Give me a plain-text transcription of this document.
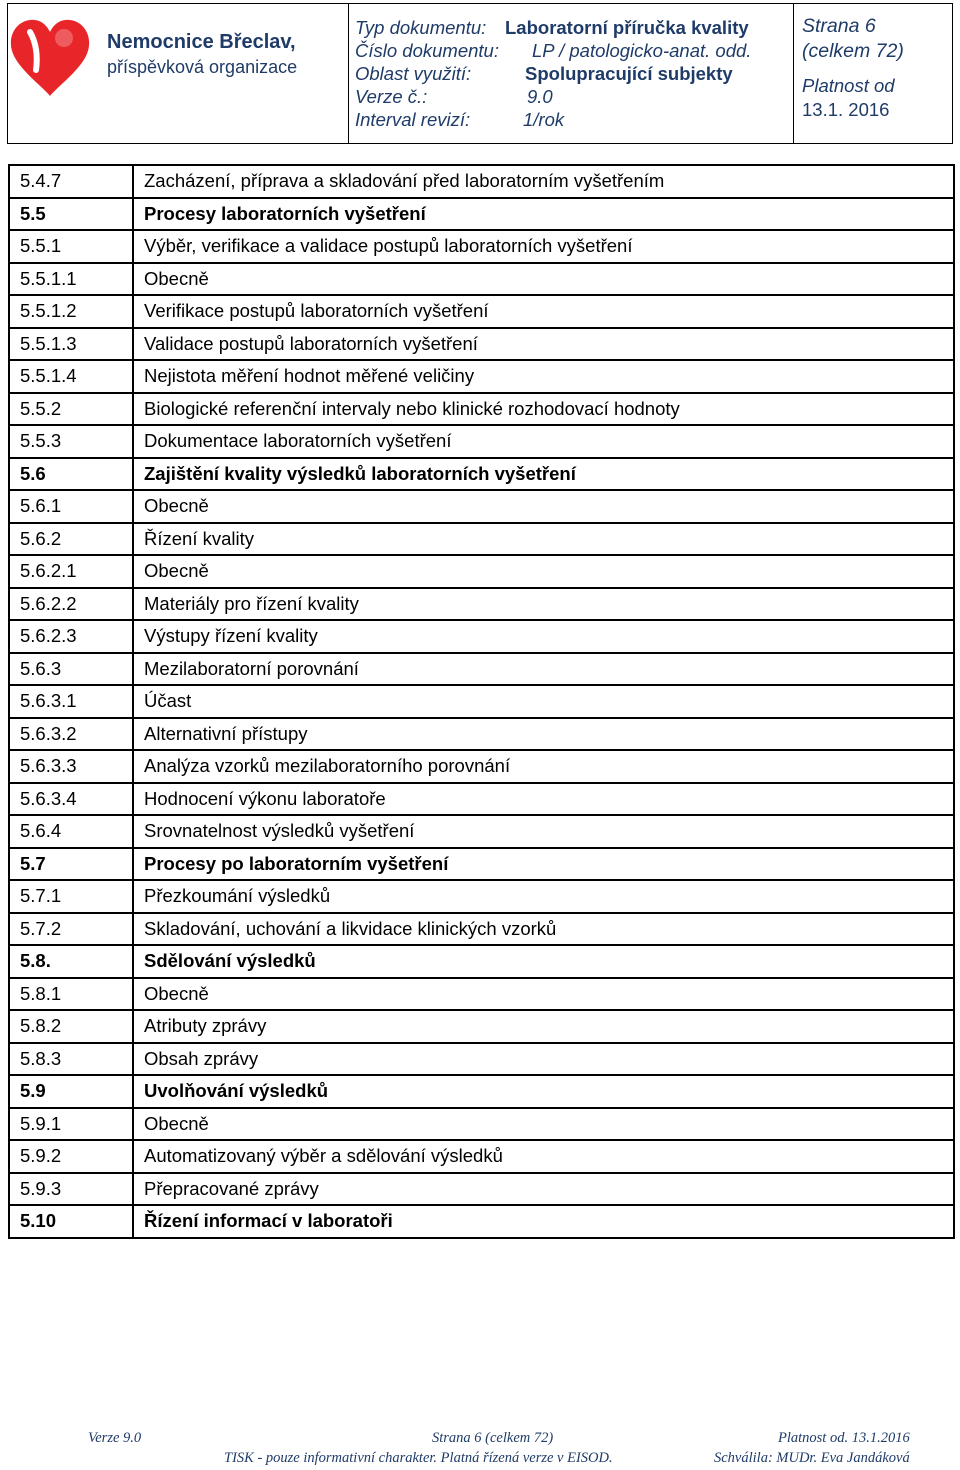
Nemocnice Břeclav,
příspěvková organizace
Typ dokumentu:	Laboratorní příručka kvality
Číslo dokumentu:	LP / patologicko-anat. odd.
Oblast využití:	Spolupracující subjekty
Verze č.:	9.0
Interval revizí:	1/rok
Strana 6
(celkem 72)
Platnost od
13.1. 2016
5.4.7	Zacházení, příprava a skladování před laboratorním vyšetřením
5.5	Procesy laboratorních vyšetření
5.5.1	Výběr, verifikace a validace postupů laboratorních vyšetření
5.5.1.1	Obecně
5.5.1.2	Verifikace postupů laboratorních vyšetření
5.5.1.3	Validace postupů laboratorních vyšetření
5.5.1.4	Nejistota měření hodnot měřené veličiny
5.5.2	Biologické referenční intervaly nebo klinické rozhodovací hodnoty
5.5.3	Dokumentace laboratorních vyšetření
5.6	Zajištění kvality výsledků laboratorních vyšetření
5.6.1	Obecně
5.6.2	Řízení kvality
5.6.2.1	Obecně
5.6.2.2	Materiály pro řízení kvality
5.6.2.3	Výstupy řízení kvality
5.6.3	Mezilaboratorní porovnání
5.6.3.1	Účast
5.6.3.2	Alternativní přístupy
5.6.3.3	Analýza vzorků mezilaboratorního porovnání
5.6.3.4	Hodnocení výkonu laboratoře
5.6.4	Srovnatelnost výsledků vyšetření
5.7	Procesy po laboratorním vyšetření
5.7.1	Přezkoumání výsledků
5.7.2	Skladování, uchování a likvidace klinických vzorků
5.8.	Sdělování výsledků
5.8.1	Obecně
5.8.2	Atributy zprávy
5.8.3	Obsah zprávy
5.9	Uvolňování výsledků
5.9.1	Obecně
5.9.2	Automatizovaný výběr a sdělování výsledků
5.9.3	Přepracované zprávy
5.10	Řízení informací v laboratoři
Verze 9.0	Strana 6 (celkem 72)	Platnost od. 13.1.2016
TISK - pouze informativní charakter. Platná řízená verze v EISOD.	Schválila: MUDr. Eva Jandáková
